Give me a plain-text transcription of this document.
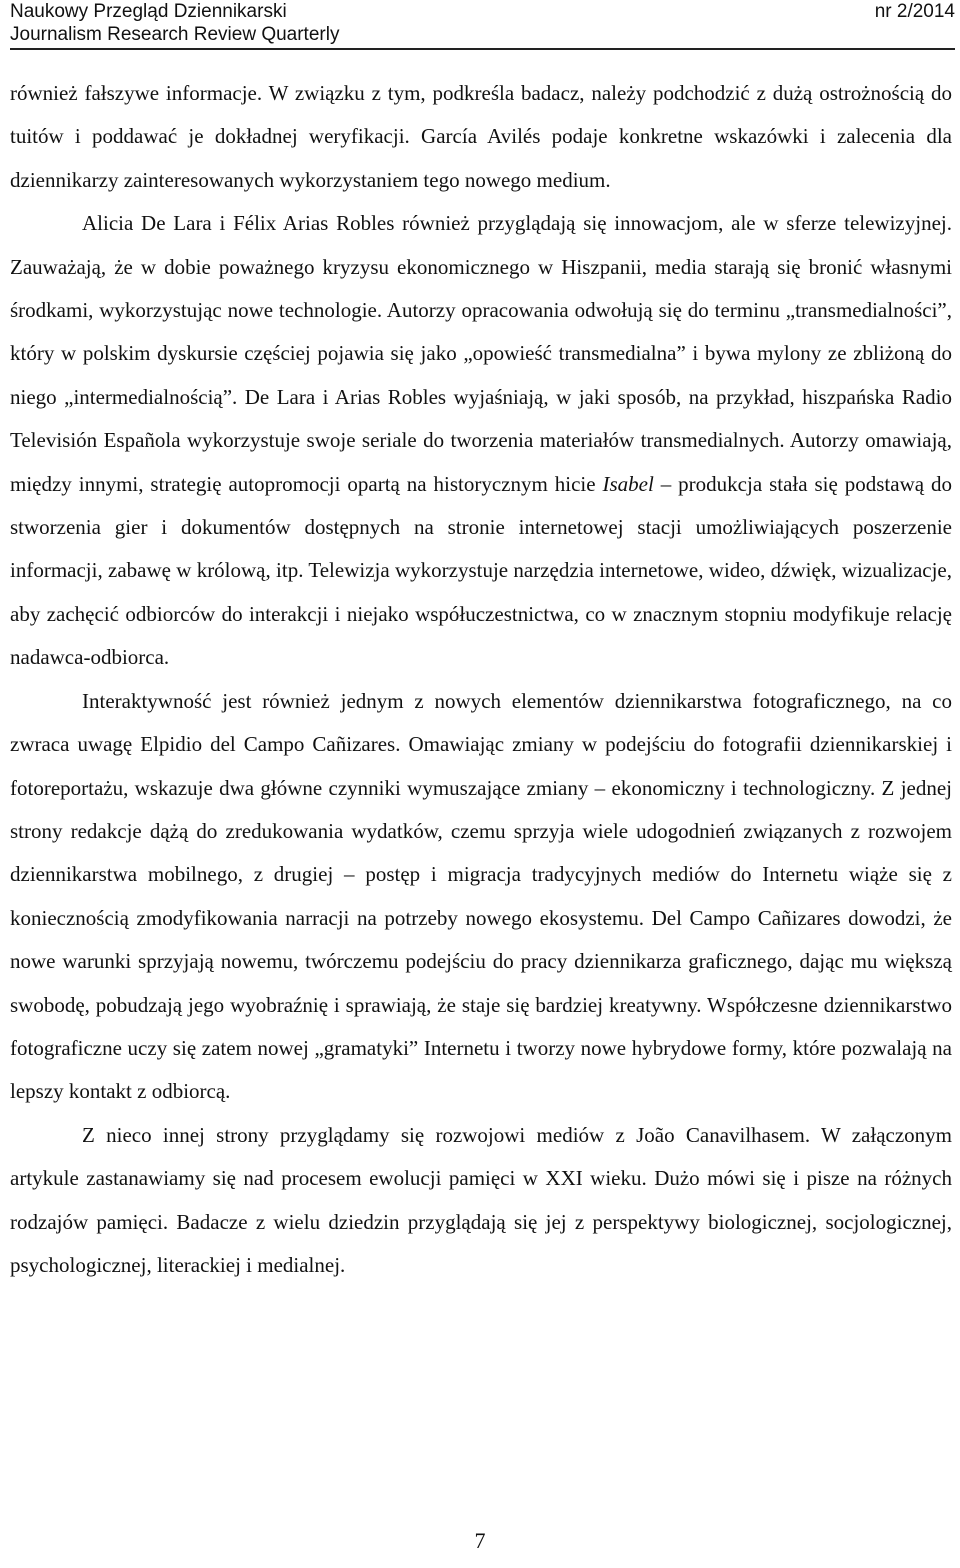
Naukowy Przegląd Dziennikarski	nr 2/2014
Journalism Research Review Quarterly

również fałszywe informacje. W związku z tym, podkreśla badacz, należy podchodzić z dużą ostrożnością do tuitów i poddawać je dokładnej weryfikacji. García Avilés podaje konkretne wskazówki i zalecenia dla dziennikarzy zainteresowanych wykorzystaniem tego nowego medium.

Alicia De Lara i Félix Arias Robles również przyglądają się innowacjom, ale w sferze telewizyjnej. Zauważają, że w dobie poważnego kryzysu ekonomicznego w Hiszpanii, media starają się bronić własnymi środkami, wykorzystując nowe technologie. Autorzy opracowania odwołują się do terminu „transmedialności”, który w polskim dyskursie częściej pojawia się jako „opowieść transmedialna” i bywa mylony ze zbliżoną do niego „intermedialnością”. De Lara i Arias Robles wyjaśniają, w jaki sposób, na przykład, hiszpańska Radio Televisión Española wykorzystuje swoje seriale do tworzenia materiałów transmedialnych. Autorzy omawiają, między innymi, strategię autopromocji opartą na historycznym hicie Isabel – produkcja stała się podstawą do stworzenia gier i dokumentów dostępnych na stronie internetowej stacji umożliwiających poszerzenie informacji, zabawę w królową, itp. Telewizja wykorzystuje narzędzia internetowe, wideo, dźwięk, wizualizacje, aby zachęcić odbiorców do interakcji i niejako współuczestnictwa, co w znacznym stopniu modyfikuje relację nadawca-odbiorca.

Interaktywność jest również jednym z nowych elementów dziennikarstwa fotograficznego, na co zwraca uwagę Elpidio del Campo Cañizares. Omawiając zmiany w podejściu do fotografii dziennikarskiej i fotoreportażu, wskazuje dwa główne czynniki wymuszające zmiany – ekonomiczny i technologiczny. Z jednej strony redakcje dążą do zredukowania wydatków, czemu sprzyja wiele udogodnień związanych z rozwojem dziennikarstwa mobilnego, z drugiej – postęp i migracja tradycyjnych mediów do Internetu wiąże się z koniecznością zmodyfikowania narracji na potrzeby nowego ekosystemu. Del Campo Cañizares dowodzi, że nowe warunki sprzyjają nowemu, twórczemu podejściu do pracy dziennikarza graficznego, dając mu większą swobodę, pobudzają jego wyobraźnię i sprawiają, że staje się bardziej kreatywny. Współczesne dziennikarstwo fotograficzne uczy się zatem nowej „gramatyki” Internetu i tworzy nowe hybrydowe formy, które pozwalają na lepszy kontakt z odbiorcą.

Z nieco innej strony przyglądamy się rozwojowi mediów z João Canavilhasem. W załączonym artykule zastanawiamy się nad procesem ewolucji pamięci w XXI wieku. Dużo mówi się i pisze na różnych rodzajów pamięci. Badacze z wielu dziedzin przyglądają się jej z perspektywy biologicznej, socjologicznej, psychologicznej, literackiej i medialnej.

7
